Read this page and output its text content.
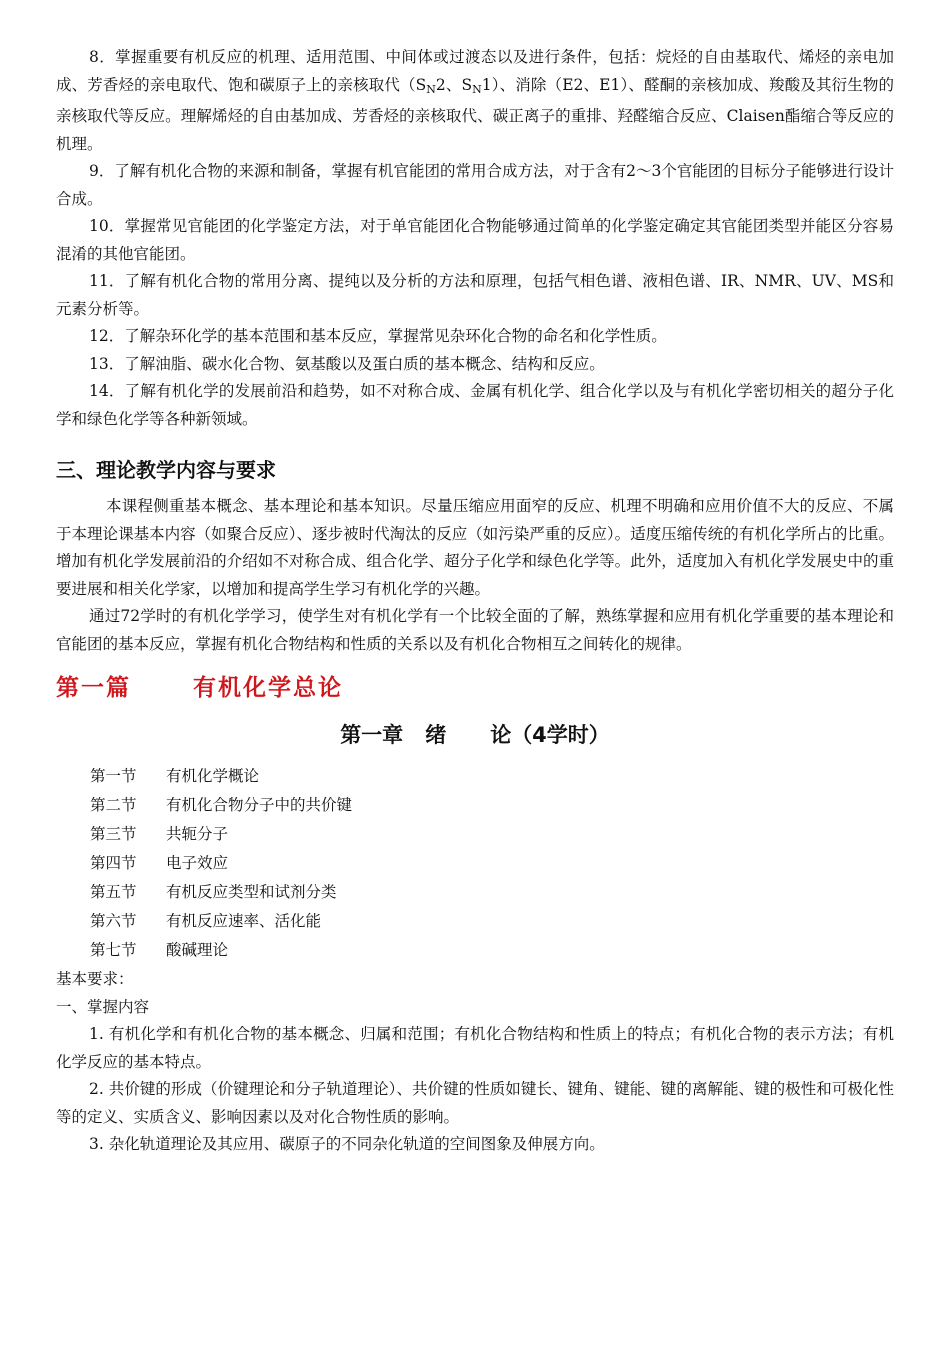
8．掌握重要有机反应的机理、适用范围、中间体或过渡态以及进行条件，包括：烷烃的自由基取代、烯烃的亲电加成、芳香烃的亲电取代、饱和碳原子上的亲核取代（$S_N2$、$S_N1$）、消除（E2、E1）、醛酮的亲核加成、羧酸及其衍生物的亲核取代等反应。理解烯烃的自由基加成、芳香烃的亲核取代、碳正离子的重排、羟醛缩合反应、Claisen酯缩合等反应的机理。

9．了解有机化合物的来源和制备，掌握有机官能团的常用合成方法，对于含有2～3个官能团的目标分子能够进行设计合成。

10．掌握常见官能团的化学鉴定方法，对于单官能团化合物能够通过简单的化学鉴定确定其官能团类型并能区分容易混淆的其他官能团。

11．了解有机化合物的常用分离、提纯以及分析的方法和原理，包括气相色谱、液相色谱、IR、NMR、UV、MS和元素分析等。

12．了解杂环化学的基本范围和基本反应，掌握常见杂环化合物的命名和化学性质。

13．了解油脂、碳水化合物、氨基酸以及蛋白质的基本概念、结构和反应。

14．了解有机化学的发展前沿和趋势，如不对称合成、金属有机化学、组合化学以及与有机化学密切相关的超分子化学和绿色化学等各种新领域。

三、理论教学内容与要求

本课程侧重基本概念、基本理论和基本知识。尽量压缩应用面窄的反应、机理不明确和应用价值不大的反应、不属于本理论课基本内容（如聚合反应）、逐步被时代淘汰的反应（如污染严重的反应）。适度压缩传统的有机化学所占的比重。增加有机化学发展前沿的介绍如不对称合成、组合化学、超分子化学和绿色化学等。此外，适度加入有机化学发展史中的重要进展和相关化学家，以增加和提高学生学习有机化学的兴趣。

通过72学时的有机化学学习，使学生对有机化学有一个比较全面的了解，熟练掌握和应用有机化学重要的基本理论和官能团的基本反应，掌握有机化合物结构和性质的关系以及有机化合物相互之间转化的规律。

第一篇	有机化学总论
第一章 绪 论（4学时）
第一节	有机化学概论
第二节	有机化合物分子中的共价键
第三节	共轭分子
第四节	电子效应
第五节	有机反应类型和试剂分类
第六节	有机反应速率、活化能
第七节	酸碱理论
基本要求：
一、掌握内容

1. 有机化学和有机化合物的基本概念、归属和范围；有机化合物结构和性质上的特点；有机化合物的表示方法；有机化学反应的基本特点。

2. 共价键的形成（价键理论和分子轨道理论）、共价键的性质如键长、键角、键能、键的离解能、键的极性和可极化性等的定义、实质含义、影响因素以及对化合物性质的影响。

3. 杂化轨道理论及其应用、碳原子的不同杂化轨道的空间图象及伸展方向。
